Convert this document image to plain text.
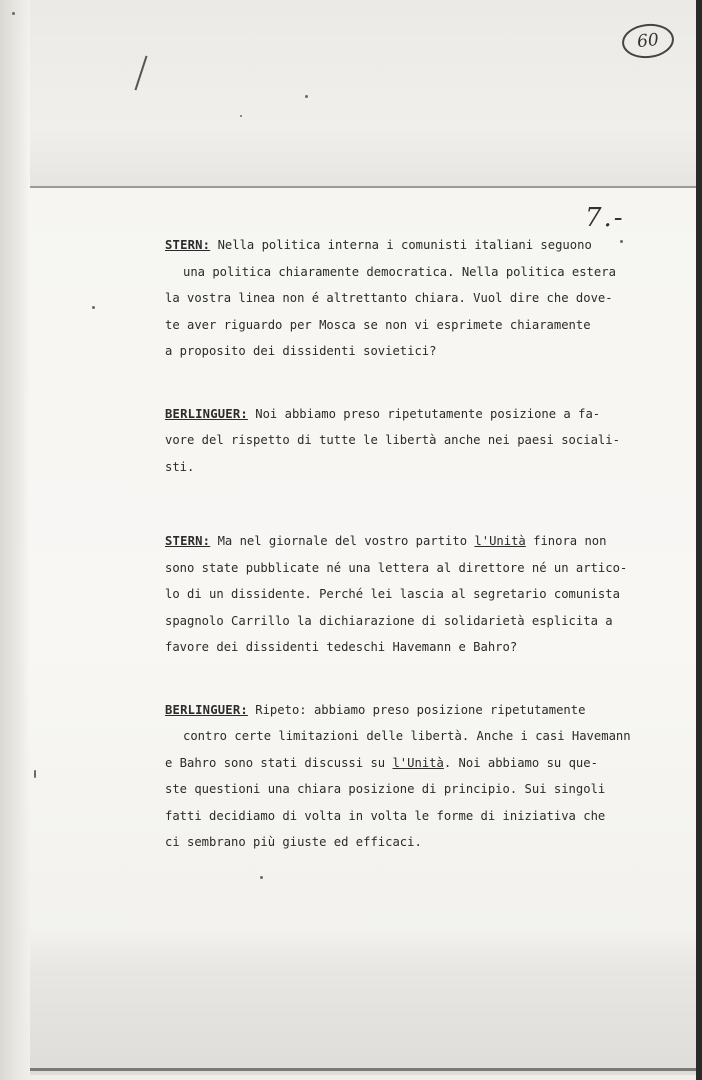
60
7.-
STERN: Nella politica interna i comunisti italiani seguono
una politica chiaramente democratica. Nella politica estera
la vostra linea non é altrettanto chiara. Vuol dire che dove-
te aver riguardo per Mosca se non vi esprimete chiaramente
a proposito dei dissidenti sovietici?
BERLINGUER: Noi abbiamo preso ripetutamente posizione a fa-
vore del rispetto di tutte le libertà anche nei paesi sociali-
sti.
STERN: Ma nel giornale del vostro partito l'Unità finora non
sono state pubblicate né una lettera al direttore né un artico-
lo di un dissidente. Perché lei lascia al segretario comunista
spagnolo Carrillo la dichiarazione di solidarietà esplicita a
favore dei dissidenti tedeschi Havemann e Bahro?
BERLINGUER: Ripeto: abbiamo preso posizione ripetutamente
contro certe limitazioni delle libertà. Anche i casi Havemann
e Bahro sono stati discussi su l'Unità. Noi abbiamo su que-
ste questioni una chiara posizione di principio. Sui singoli
fatti decidiamo di volta in volta le forme di iniziativa che
ci sembrano più giuste ed efficaci.
